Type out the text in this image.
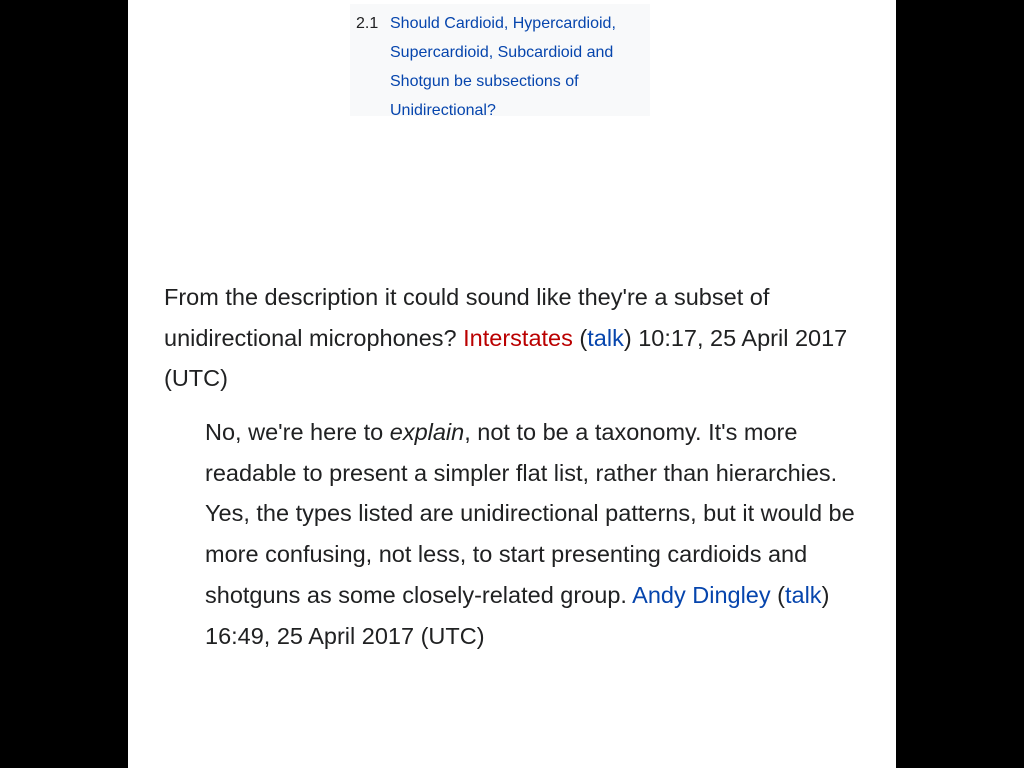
2.1 Should Cardioid, Hypercardioid, Supercardioid, Subcardioid and Shotgun be subsections of Unidirectional?

From the description it could sound like they're a subset of unidirectional microphones? Interstates (talk) 10:17, 25 April 2017 (UTC)

No, we're here to explain, not to be a taxonomy. It's more readable to present a simpler flat list, rather than hierarchies. Yes, the types listed are unidirectional patterns, but it would be more confusing, not less, to start presenting cardioids and shotguns as some closely-related group. Andy Dingley (talk) 16:49, 25 April 2017 (UTC)
